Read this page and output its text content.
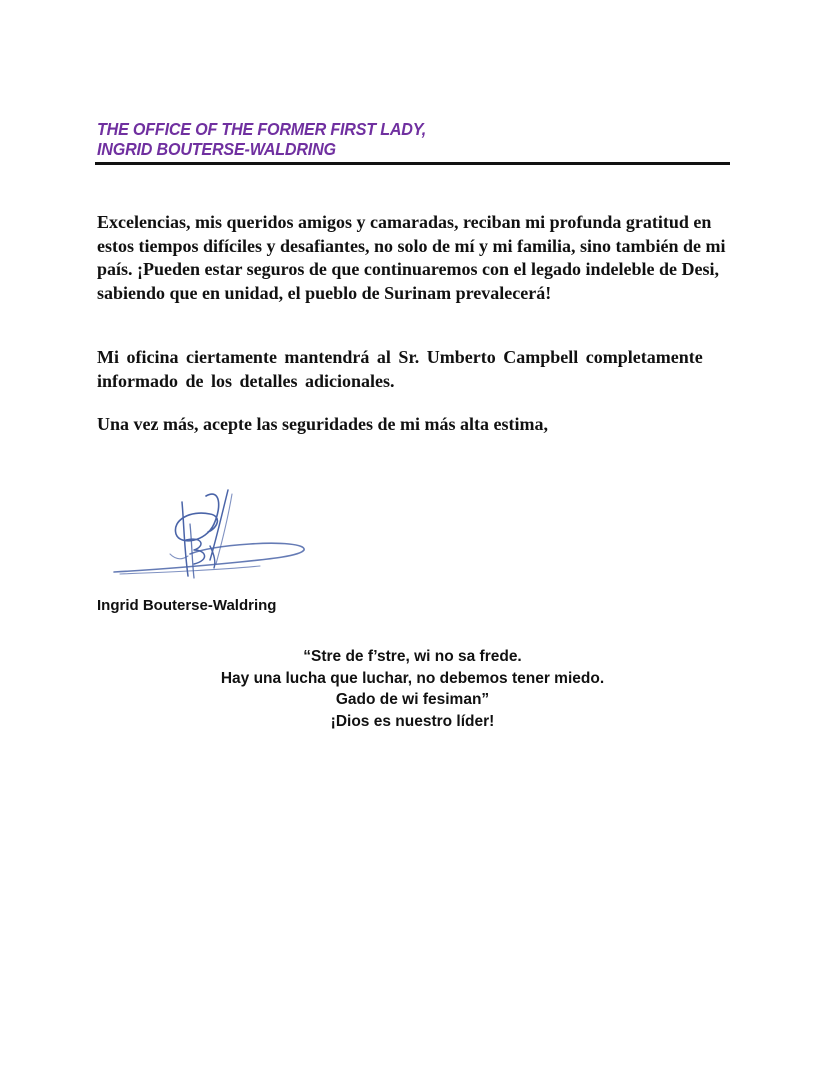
THE OFFICE OF THE FORMER FIRST LADY,
INGRID BOUTERSE-WALDRING

Excelencias, mis queridos amigos y camaradas, reciban mi profunda gratitud en estos tiempos difíciles y desafiantes, no solo de mí y mi familia, sino también de mi país. ¡Pueden estar seguros de que continuaremos con el legado indeleble de Desi, sabiendo que en unidad, el pueblo de Surinam prevalecerá!

Mi oficina ciertamente mantendrá al Sr. Umberto Campbell completamente informado de los detalles adicionales.

Una vez más, acepte las seguridades de mi más alta estima,

Ingrid Bouterse-Waldring
“Stre de f’stre, wi no sa frede.
Hay una lucha que luchar, no debemos tener miedo.
Gado de wi fesiman”
¡Dios es nuestro líder!
